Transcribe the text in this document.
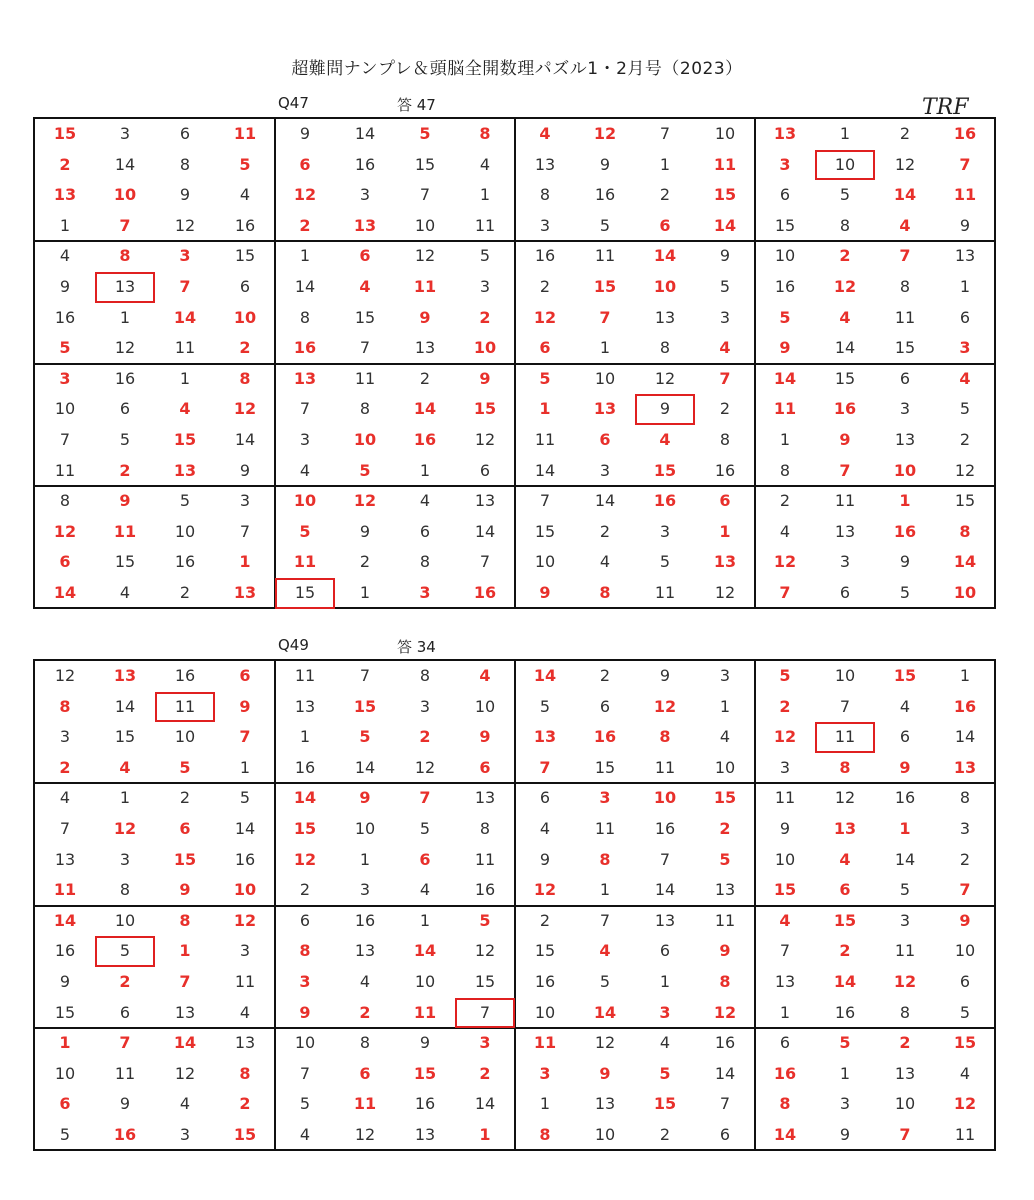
超難問ナンプレ＆頭脳全開数理パズル1・2月号（2023）
TRF
Q47	答 47
15	3	6	11	9	14	5	8	4	12	7	10	13	1	2	16
2	14	8	5	6	16	15	4	13	9	1	11	3	10	12	7
13	10	9	4	12	3	7	1	8	16	2	15	6	5	14	11
1	7	12	16	2	13	10	11	3	5	6	14	15	8	4	9
4	8	3	15	1	6	12	5	16	11	14	9	10	2	7	13
9	13	7	6	14	4	11	3	2	15	10	5	16	12	8	1
16	1	14	10	8	15	9	2	12	7	13	3	5	4	11	6
5	12	11	2	16	7	13	10	6	1	8	4	9	14	15	3
3	16	1	8	13	11	2	9	5	10	12	7	14	15	6	4
10	6	4	12	7	8	14	15	1	13	9	2	11	16	3	5
7	5	15	14	3	10	16	12	11	6	4	8	1	9	13	2
11	2	13	9	4	5	1	6	14	3	15	16	8	7	10	12
8	9	5	3	10	12	4	13	7	14	16	6	2	11	1	15
12	11	10	7	5	9	6	14	15	2	3	1	4	13	16	8
6	15	16	1	11	2	8	7	10	4	5	13	12	3	9	14
14	4	2	13	15	1	3	16	9	8	11	12	7	6	5	10
Q49	答 34
12	13	16	6	11	7	8	4	14	2	9	3	5	10	15	1
8	14	11	9	13	15	3	10	5	6	12	1	2	7	4	16
3	15	10	7	1	5	2	9	13	16	8	4	12	11	6	14
2	4	5	1	16	14	12	6	7	15	11	10	3	8	9	13
4	1	2	5	14	9	7	13	6	3	10	15	11	12	16	8
7	12	6	14	15	10	5	8	4	11	16	2	9	13	1	3
13	3	15	16	12	1	6	11	9	8	7	5	10	4	14	2
11	8	9	10	2	3	4	16	12	1	14	13	15	6	5	7
14	10	8	12	6	16	1	5	2	7	13	11	4	15	3	9
16	5	1	3	8	13	14	12	15	4	6	9	7	2	11	10
9	2	7	11	3	4	10	15	16	5	1	8	13	14	12	6
15	6	13	4	9	2	11	7	10	14	3	12	1	16	8	5
1	7	14	13	10	8	9	3	11	12	4	16	6	5	2	15
10	11	12	8	7	6	15	2	3	9	5	14	16	1	13	4
6	9	4	2	5	11	16	14	1	13	15	7	8	3	10	12
5	16	3	15	4	12	13	1	8	10	2	6	14	9	7	11
